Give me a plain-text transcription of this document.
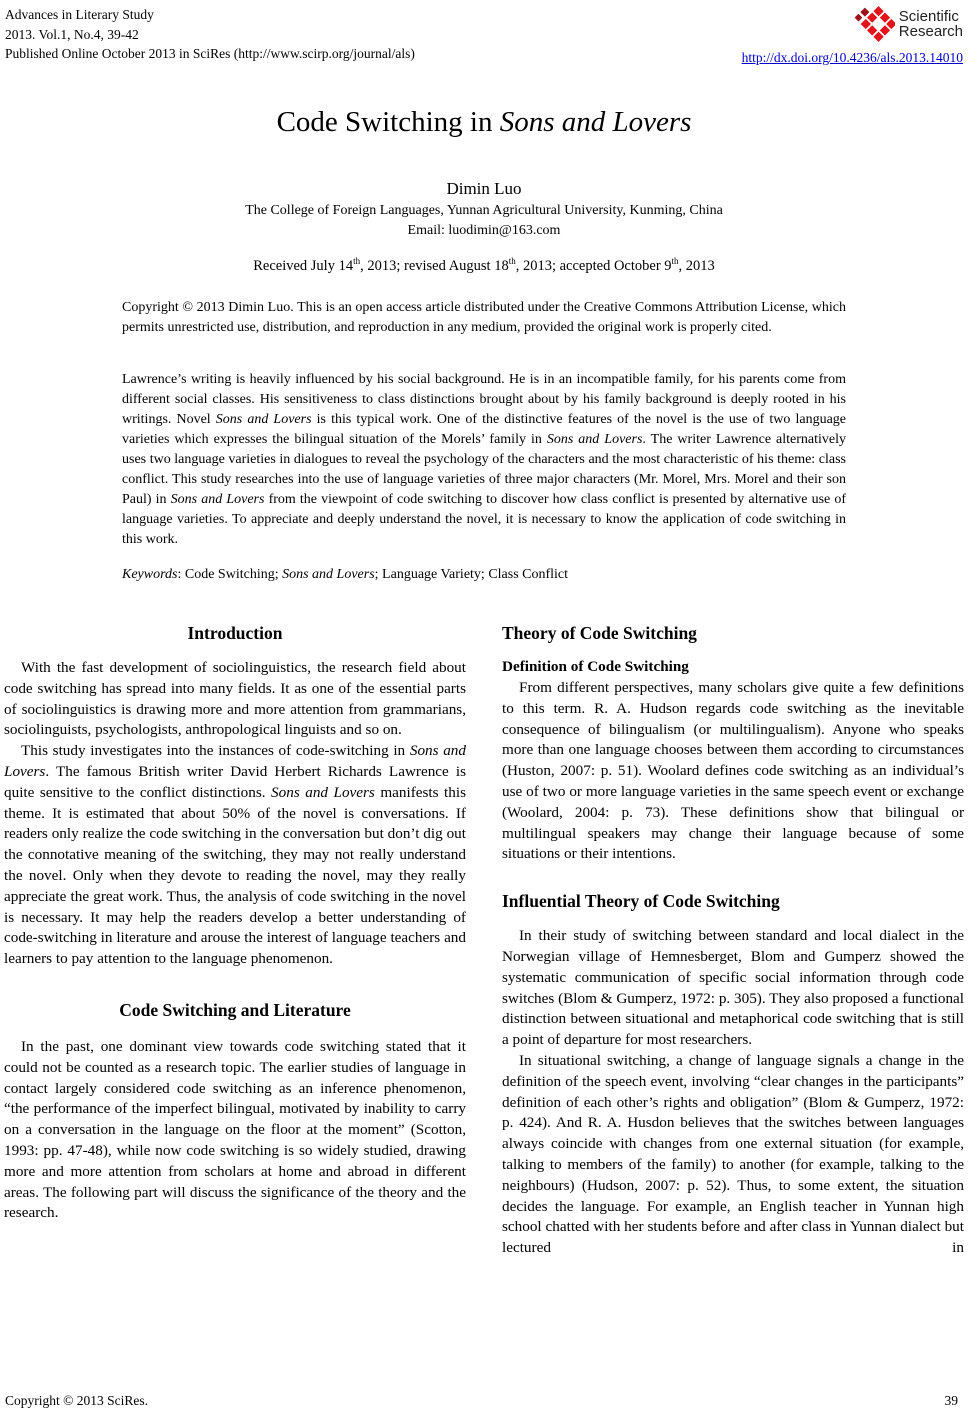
Advances in Literary Study
2013. Vol.1, No.4, 39-42
Published Online October 2013 in SciRes (http://www.scirp.org/journal/als)
Scientific
Research
http://dx.doi.org/10.4236/als.2013.14010
Code Switching in Sons and Lovers
Dimin Luo
The College of Foreign Languages, Yunnan Agricultural University, Kunming, China
Email: luodimin@163.com
Received July 14th, 2013; revised August 18th, 2013; accepted October 9th, 2013
Copyright © 2013 Dimin Luo. This is an open access article distributed under the Creative Commons Attribution License, which permits unrestricted use, distribution, and reproduction in any medium, provided the original work is properly cited.
Lawrence’s writing is heavily influenced by his social background. He is in an incompatible family, for his parents come from different social classes. His sensitiveness to class distinctions brought about by his family background is deeply rooted in his writings. Novel Sons and Lovers is this typical work. One of the distinctive features of the novel is the use of two language varieties which expresses the bilingual situation of the Morels’ family in Sons and Lovers. The writer Lawrence alternatively uses two language varieties in dialogues to reveal the psychology of the characters and the most characteristic of his theme: class conflict. This study researches into the use of language varieties of three major characters (Mr. Morel, Mrs. Morel and their son Paul) in Sons and Lovers from the viewpoint of code switching to discover how class conflict is presented by alternative use of language varieties. To appreciate and deeply understand the novel, it is necessary to know the application of code switching in this work.
Keywords: Code Switching; Sons and Lovers; Language Variety; Class Conflict
Introduction

With the fast development of sociolinguistics, the research field about code switching has spread into many fields. It as one of the essential parts of sociolinguistics is drawing more and more attention from grammarians, sociolinguists, psychologists, anthropological linguists and so on.

This study investigates into the instances of code-switching in Sons and Lovers. The famous British writer David Herbert Richards Lawrence is quite sensitive to the conflict distinctions. Sons and Lovers manifests this theme. It is estimated that about 50% of the novel is conversations. If readers only realize the code switching in the conversation but don’t dig out the connotative meaning of the switching, they may not really understand the novel. Only when they devote to reading the novel, may they really appreciate the great work. Thus, the analysis of code switching in the novel is necessary. It may help the readers develop a better understanding of code-switching in literature and arouse the interest of language teachers and learners to pay attention to the language phenomenon.

Code Switching and Literature

In the past, one dominant view towards code switching stated that it could not be counted as a research topic. The earlier studies of language in contact largely considered code switching as an inference phenomenon, “the performance of the imperfect bilingual, motivated by inability to carry on a conversation in the language on the floor at the moment” (Scotton, 1993: pp. 47-48), while now code switching is so widely studied, drawing more and more attention from scholars at home and abroad in different areas. The following part will discuss the significance of the theory and the research.

Theory of Code Switching
Definition of Code Switching

From different perspectives, many scholars give quite a few definitions to this term. R. A. Hudson regards code switching as the inevitable consequence of bilingualism (or multilingualism). Anyone who speaks more than one language chooses between them according to circumstances (Huston, 2007: p. 51). Woolard defines code switching as an individual’s use of two or more language varieties in the same speech event or exchange (Woolard, 2004: p. 73). These definitions show that bilingual or multilingual speakers may change their language because of some situations or their intentions.

Influential Theory of Code Switching

In their study of switching between standard and local dialect in the Norwegian village of Hemnesberget, Blom and Gumperz showed the systematic communication of specific social information through code switches (Blom & Gumperz, 1972: p. 305). They also proposed a functional distinction between situational and metaphorical code switching that is still a point of departure for most researchers.

In situational switching, a change of language signals a change in the definition of the speech event, involving “clear changes in the participants” definition of each other’s rights and obligation” (Blom & Gumperz, 1972: p. 424). And R. A. Husdon believes that the switches between languages always coincide with changes from one external situation (for example, talking to members of the family) to another (for example, talking to the neighbours) (Hudson, 2007: p. 52). Thus, to some extent, the situation decides the language. For example, an English teacher in Yunnan high school chatted with her students before and after class in Yunnan dialect but lectured in

Copyright © 2013 SciRes.	39
